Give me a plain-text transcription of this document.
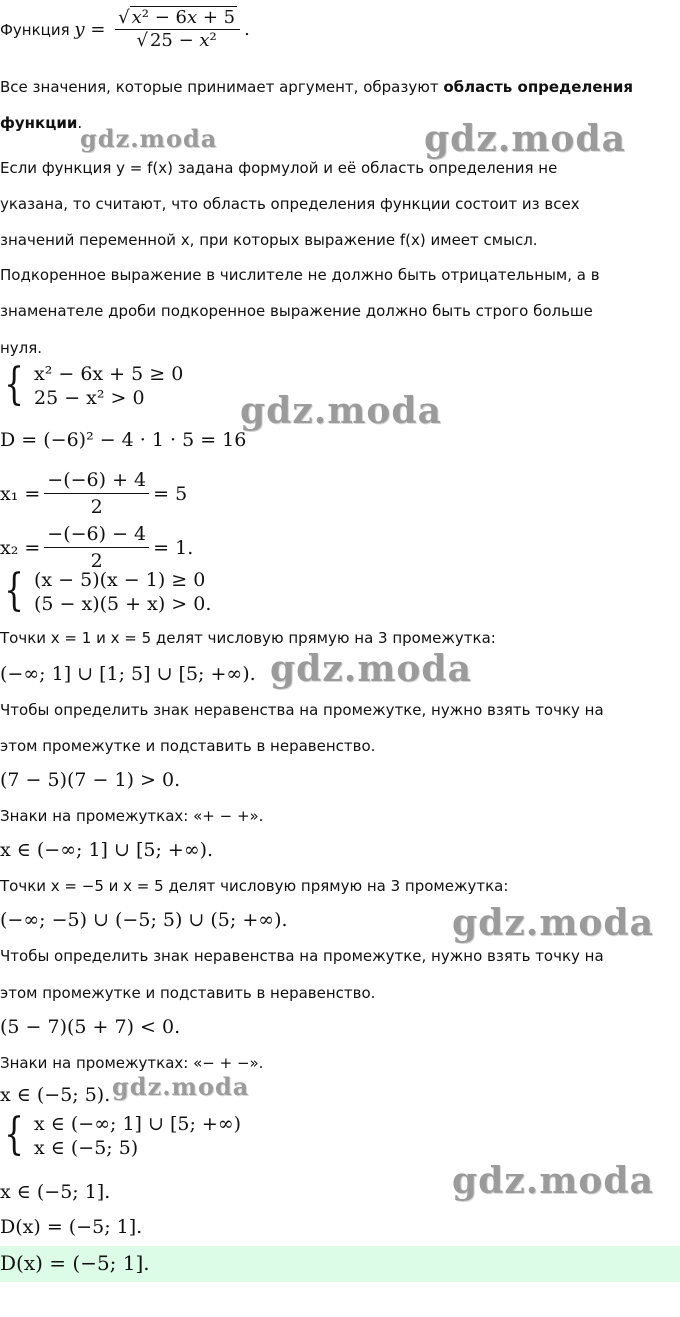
Функция $y = \frac{\text{√ x² − 6x + 5}}{\text{√ 25 − x²}}$ .
Все значения, которые принимает аргумент, образуют область определения
функции.
Если функция y = f(x) задана формулой и её область определения не
указана, то считают, что область определения функции состоит из всех
значений переменной x, при которых выражение f(x) имеет смысл.
Подкоренное выражение в числителе не должно быть отрицательным, а в
знаменателе дроби подкоренное выражение должно быть строго больше
нуля.
{ x² − 6x + 5 ≥ 0
25 − x² > 0
D = (−6)² − 4 · 1 · 5 = 16
$x_1 = \frac{-(-6) + 4}{2} = 5$
$x_2 = \frac{-(-6) - 4}{2} = 1$.
{ (x − 5)(x − 1) ≥ 0
(5 − x)(5 + x) > 0.
Точки x = 1 и x = 5 делят числовую прямую на 3 промежутка:
(−∞; 1] ∪ [1; 5] ∪ [5; +∞).
Чтобы определить знак неравенства на промежутке, нужно взять точку на
этом промежутке и подставить в неравенство.
(7 − 5)(7 − 1) > 0.
Знаки на промежутках: «+ − +».
x ∈ (−∞; 1] ∪ [5; +∞).
Точки x = −5 и x = 5 делят числовую прямую на 3 промежутка:
(−∞; −5) ∪ (−5; 5) ∪ (5; +∞).
Чтобы определить знак неравенства на промежутке, нужно взять точку на
этом промежутке и подставить в неравенство.
(5 − 7)(5 + 7) < 0.
Знаки на промежутках: «− + −».
x ∈ (−5; 5).
{ x ∈ (−∞; 1] ∪ [5; +∞)
x ∈ (−5; 5)
x ∈ (−5; 1].
D(x) = (−5; 1].
D(x) = (−5; 1].
gdz.moda	gdz.moda
gdz.moda
gdz.moda
gdz.moda
gdz.moda
gdz.moda
